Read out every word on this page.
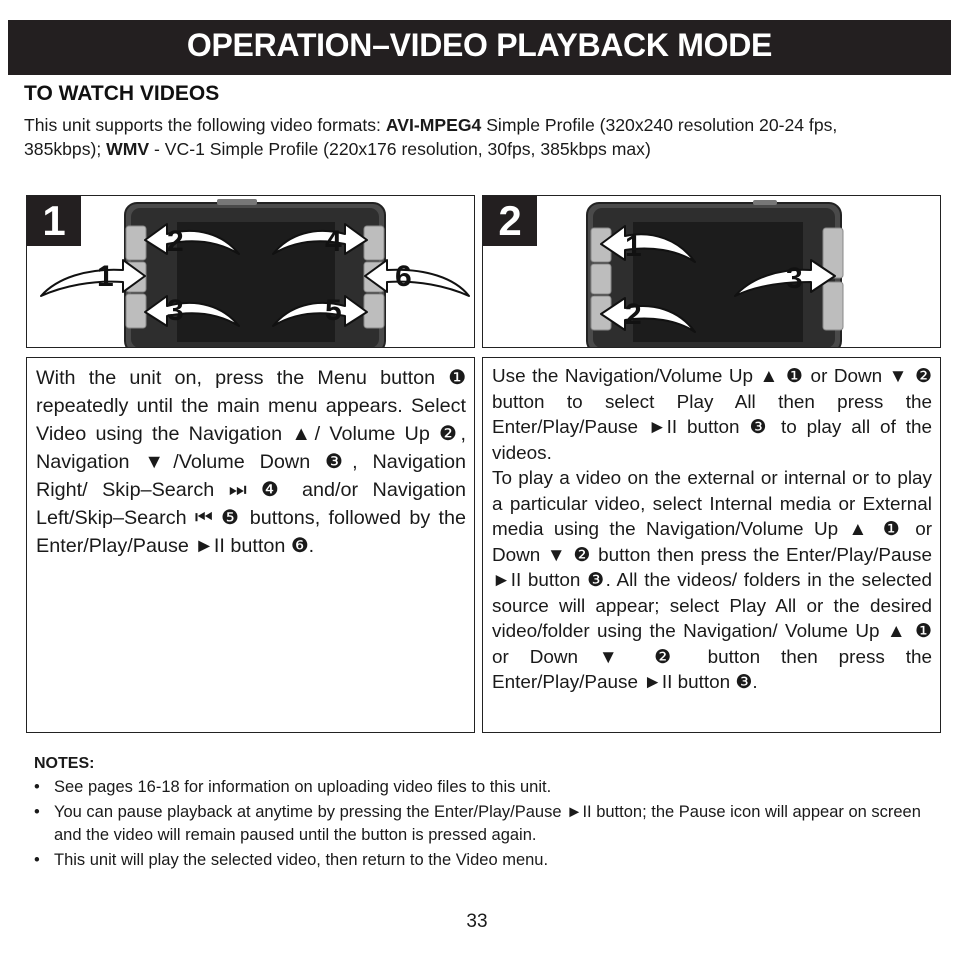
OPERATION–VIDEO PLAYBACK MODE
TO WATCH VIDEOS
This unit supports the following video formats: AVI-MPEG4 Simple Profile (320x240 resolution 20-24 fps, 385kbps); WMV - VC-1 Simple Profile (220x176 resolution, 30fps, 385kbps max)
1
2
3
4
5
6
1
1
2
3
2

With the unit on, press the Menu button ❶ repeatedly until the main menu appears. Select Video using the Navigation ▲/ Volume Up ❷, Navigation ▼/Volume Down ❸, Navigation Right/ Skip–Search ⏭ ❹ and/or Navigation Left/Skip–Search ⏮ ❺ buttons, followed by the Enter/Play/Pause ►II button ❻.

Use the Navigation/Volume Up ▲ ❶ or Down ▼ ❷ button to select Play All then press the Enter/Play/Pause ►II button ❸ to play all of the videos.

To play a video on the external or internal or to play a particular video, select Internal media or External media using the Navigation/Volume Up ▲ ❶ or Down ▼ ❷ button then press the Enter/Play/Pause ►II button ❸. All the videos/ folders in the selected source will appear; select Play All or the desired video/folder using the Navigation/ Volume Up ▲ ❶ or Down ▼ ❷ button then press the Enter/Play/Pause ►II button ❸.

NOTES:
• See pages 16-18 for information on uploading video files to this unit.
• You can pause playback at anytime by pressing the Enter/Play/Pause ►II button; the Pause icon will appear on screen and the video will remain paused until the button is pressed again.
• This unit will play the selected video, then return to the Video menu.
33
